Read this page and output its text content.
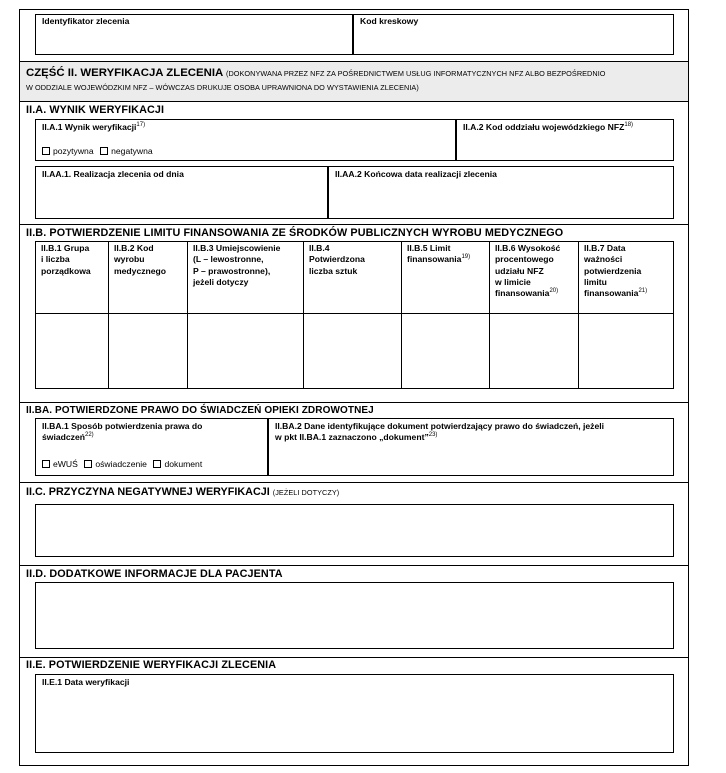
Identyfikator zlecenia	Kod kreskowy
CZĘŚĆ II. WERYFIKACJA ZLECENIA (DOKONYWANA PRZEZ NFZ ZA POŚREDNICTWEM USŁUG INFORMATYCZNYCH NFZ ALBO BEZPOŚREDNIO
W ODDZIALE WOJEWÓDZKIM NFZ – WÓWCZAS DRUKUJE OSOBA UPRAWNIONA DO WYSTAWIENIA ZLECENIA)
II.A. WYNIK WERYFIKACJI
II.A.1 Wynik weryfikacji$^{17)}$
pozytywna negatywna
II.A.2 Kod oddziału wojewódzkiego NFZ$^{18)}$
II.AA.1. Realizacja zlecenia od dnia	II.AA.2 Końcowa data realizacji zlecenia
II.B. POTWIERDZENIE LIMITU FINANSOWANIA ZE ŚRODKÓW PUBLICZNYCH WYROBU MEDYCZNEGO
II.B.1 Grupa
i liczba
porządkowa
II.B.2 Kod
wyrobu
medycznego
II.B.3 Umiejscowienie
(L – lewostronne,
P – prawostronne),
jeżeli dotyczy
II.B.4
Potwierdzona
liczba sztuk
II.B.5 Limit
finansowania$^{19)}$
II.B.6 Wysokość
procentowego
udziału NFZ
w limicie
finansowania$^{20)}$
II.B.7 Data
ważności
potwierdzenia
limitu
finansowania$^{21)}$
II.BA. POTWIERDZONE PRAWO DO ŚWIADCZEŃ OPIEKI ZDROWOTNEJ
II.BA.1 Sposób potwierdzenia prawa do
świadczeń$^{22)}$
eWUŚ oświadczenie dokument
II.BA.2 Dane identyfikujące dokument potwierdzający prawo do świadczeń, jeżeli
w pkt II.BA.1 zaznaczono „dokument”$^{23)}$
II.C. PRZYCZYNA NEGATYWNEJ WERYFIKACJI (JEŻELI DOTYCZY)
II.D. DODATKOWE INFORMACJE DLA PACJENTA
II.E. POTWIERDZENIE WERYFIKACJI ZLECENIA
II.E.1 Data weryfikacji
